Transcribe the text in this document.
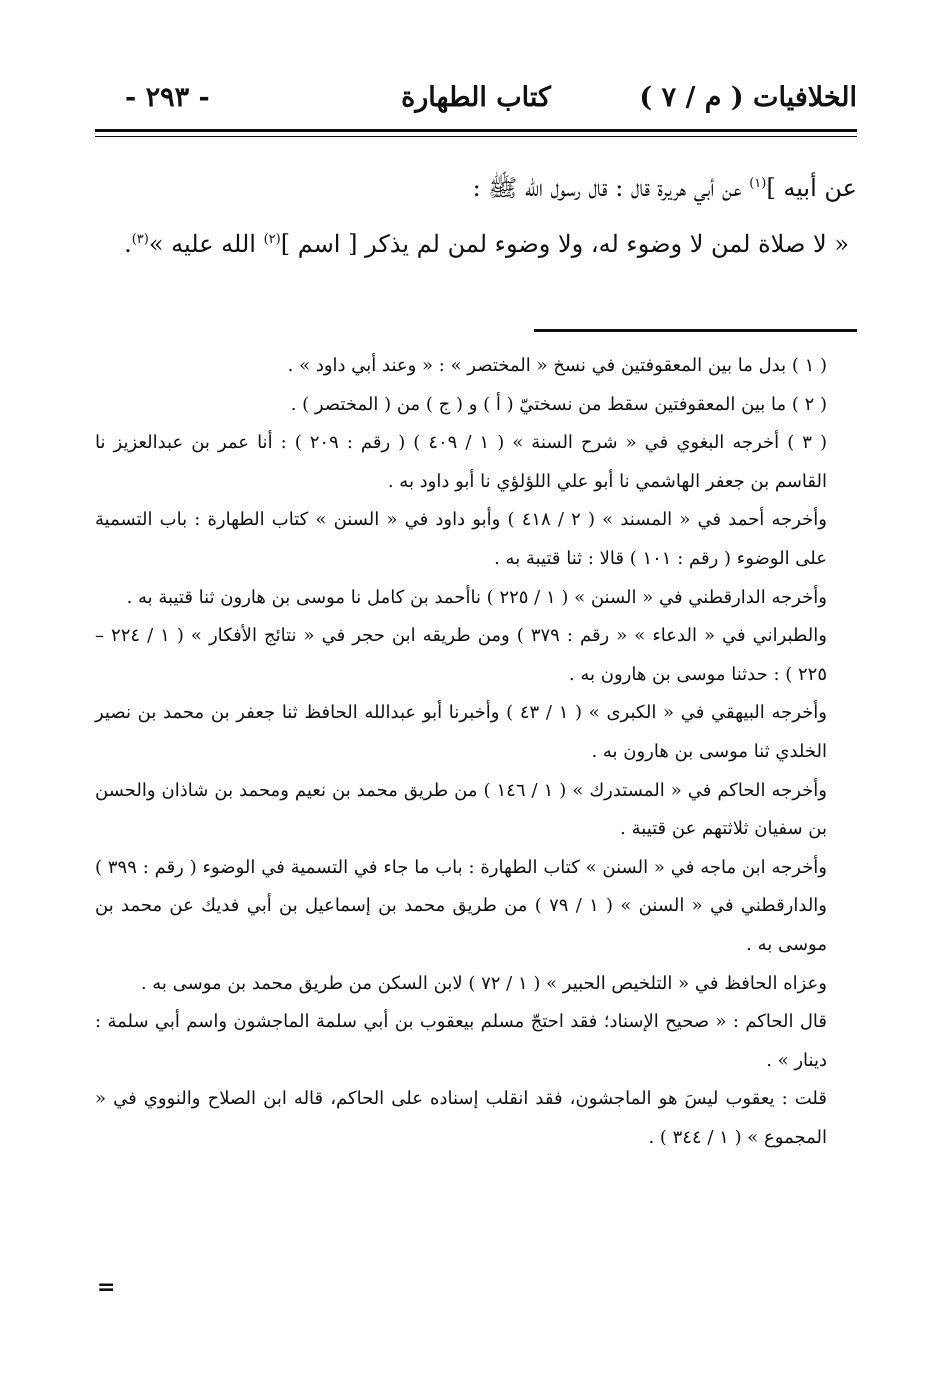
الخلافيات ( م / ٧ )
كتاب الطهارة
- ٢٩٣ -

عن أبيه ]$^{(١)}$ عن أبي هريرة قال : قال رسول الله ﷺ :

« لا صلاة لمن لا وضوء له، ولا وضوء لمن لم يذكر [ اسم ]$^{(٢)}$ الله عليه »$^{(٣)}$.

( ١ ) بدل ما بين المعقوفتين في نسخ « المختصر » : « وعند أبي داود » .

( ٢ ) ما بين المعقوفتين سقط من نسختيّ ( أ ) و ( ج ) من ( المختصر ) .

( ٣ ) أخرجه البغوي في « شرح السنة » ( ١ / ٤٠٩ ) ( رقم : ٢٠٩ ) : أنا عمر بن عبدالعزيز نا القاسم بن جعفر الهاشمي نا أبو علي اللؤلؤي نا أبو داود به .

وأخرجه أحمد في « المسند » ( ٢ / ٤١٨ ) وأبو داود في « السنن » كتاب الطهارة : باب التسمية على الوضوء ( رقم : ١٠١ ) قالا : ثنا قتيبة به .

وأخرجه الدارقطني في « السنن » ( ١ / ٢٢٥ ) ناأحمد بن كامل نا موسى بن هارون ثنا قتيبة به .

والطبراني في « الدعاء » « رقم : ٣٧٩ ) ومن طريقه ابن حجر في « نتائج الأفكار » ( ١ / ٢٢٤ – ٢٢٥ ) : حدثنا موسى بن هارون به .

وأخرجه البيهقي في « الكبرى » ( ١ / ٤٣ ) وأخبرنا أبو عبدالله الحافظ ثنا جعفر بن محمد بن نصير الخلدي ثنا موسى بن هارون به .

وأخرجه الحاكم في « المستدرك » ( ١ / ١٤٦ ) من طريق محمد بن نعيم ومحمد بن شاذان والحسن بن سفيان ثلاثتهم عن قتيبة .

وأخرجه ابن ماجه في « السنن » كتاب الطهارة : باب ما جاء في التسمية في الوضوء ( رقم : ٣٩٩ ) والدارقطني في « السنن » ( ١ / ٧٩ ) من طريق محمد بن إسماعيل بن أبي فديك عن محمد بن موسى به .

وعزاه الحافظ في « التلخيص الحبير » ( ١ / ٧٢ ) لابن السكن من طريق محمد بن موسى به .

قال الحاكم : « صحيح الإسناد؛ فقد احتجّ مسلم بيعقوب بن أبي سلمة الماجشون واسم أبي سلمة : دينار » .

قلت : يعقوب ليسَ هو الماجشون، فقد انقلب إسناده على الحاكم، قاله ابن الصلاح والنووي في « المجموع » ( ١ / ٣٤٤ ) .

=
